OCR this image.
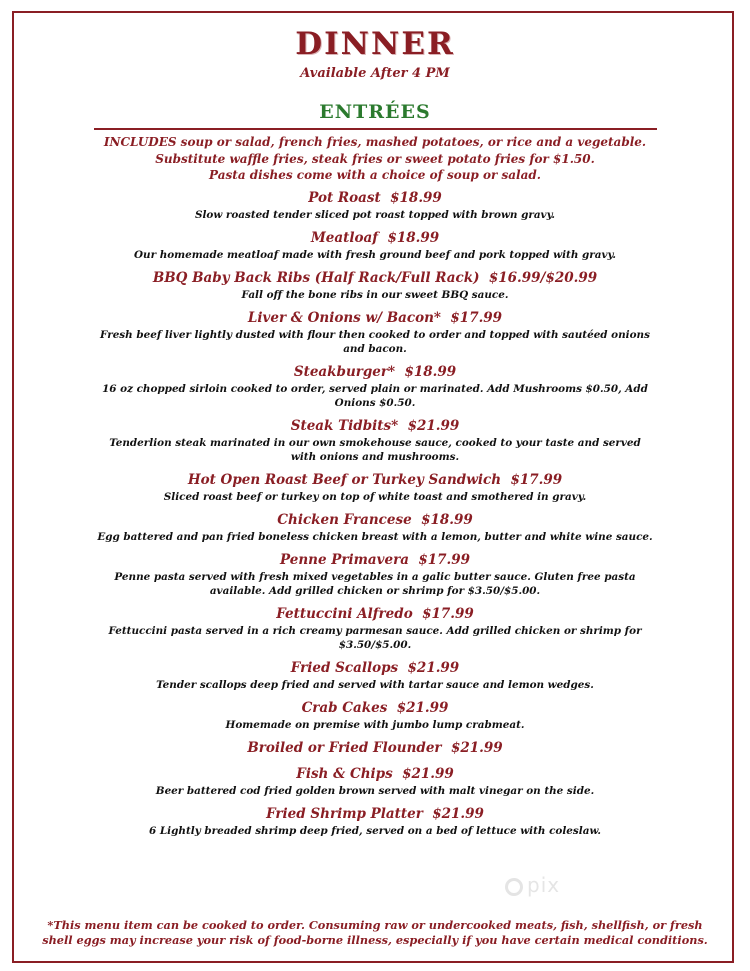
DINNER
Available After 4 PM
ENTRÉES
INCLUDES soup or salad, french fries, mashed potatoes, or rice and a vegetable.
Substitute waffle fries, steak fries or sweet potato fries for $1.50.
Pasta dishes come with a choice of soup or salad.
Pot Roast $18.99
Slow roasted tender sliced pot roast topped with brown gravy.
Meatloaf $18.99
Our homemade meatloaf made with fresh ground beef and pork topped with gravy.
BBQ Baby Back Ribs (Half Rack/Full Rack) $16.99/$20.99
Fall off the bone ribs in our sweet BBQ sauce.
Liver & Onions w/ Bacon* $17.99
Fresh beef liver lightly dusted with flour then cooked to order and topped with sautéed onions and bacon.
Steakburger* $18.99
16 oz chopped sirloin cooked to order, served plain or marinated. Add Mushrooms $0.50, Add Onions $0.50.
Steak Tidbits* $21.99
Tenderlion steak marinated in our own smokehouse sauce, cooked to your taste and served with onions and mushrooms.
Hot Open Roast Beef or Turkey Sandwich $17.99
Sliced roast beef or turkey on top of white toast and smothered in gravy.
Chicken Francese $18.99
Egg battered and pan fried boneless chicken breast with a lemon, butter and white wine sauce.
Penne Primavera $17.99
Penne pasta served with fresh mixed vegetables in a galic butter sauce. Gluten free pasta available. Add grilled chicken or shrimp for $3.50/$5.00.
Fettuccini Alfredo $17.99
Fettuccini pasta served in a rich creamy parmesan sauce. Add grilled chicken or shrimp for $3.50/$5.00.
Fried Scallops $21.99
Tender scallops deep fried and served with tartar sauce and lemon wedges.
Crab Cakes $21.99
Homemade on premise with jumbo lump crabmeat.
Broiled or Fried Flounder $21.99
Fish & Chips $21.99
Beer battered cod fried golden brown served with malt vinegar on the side.
Fried Shrimp Platter $21.99
6 Lightly breaded shrimp deep fried, served on a bed of lettuce with coleslaw.
pix
*This menu item can be cooked to order. Consuming raw or undercooked meats, fish, shellfish, or fresh shell eggs may increase your risk of food-borne illness, especially if you have certain medical conditions.
